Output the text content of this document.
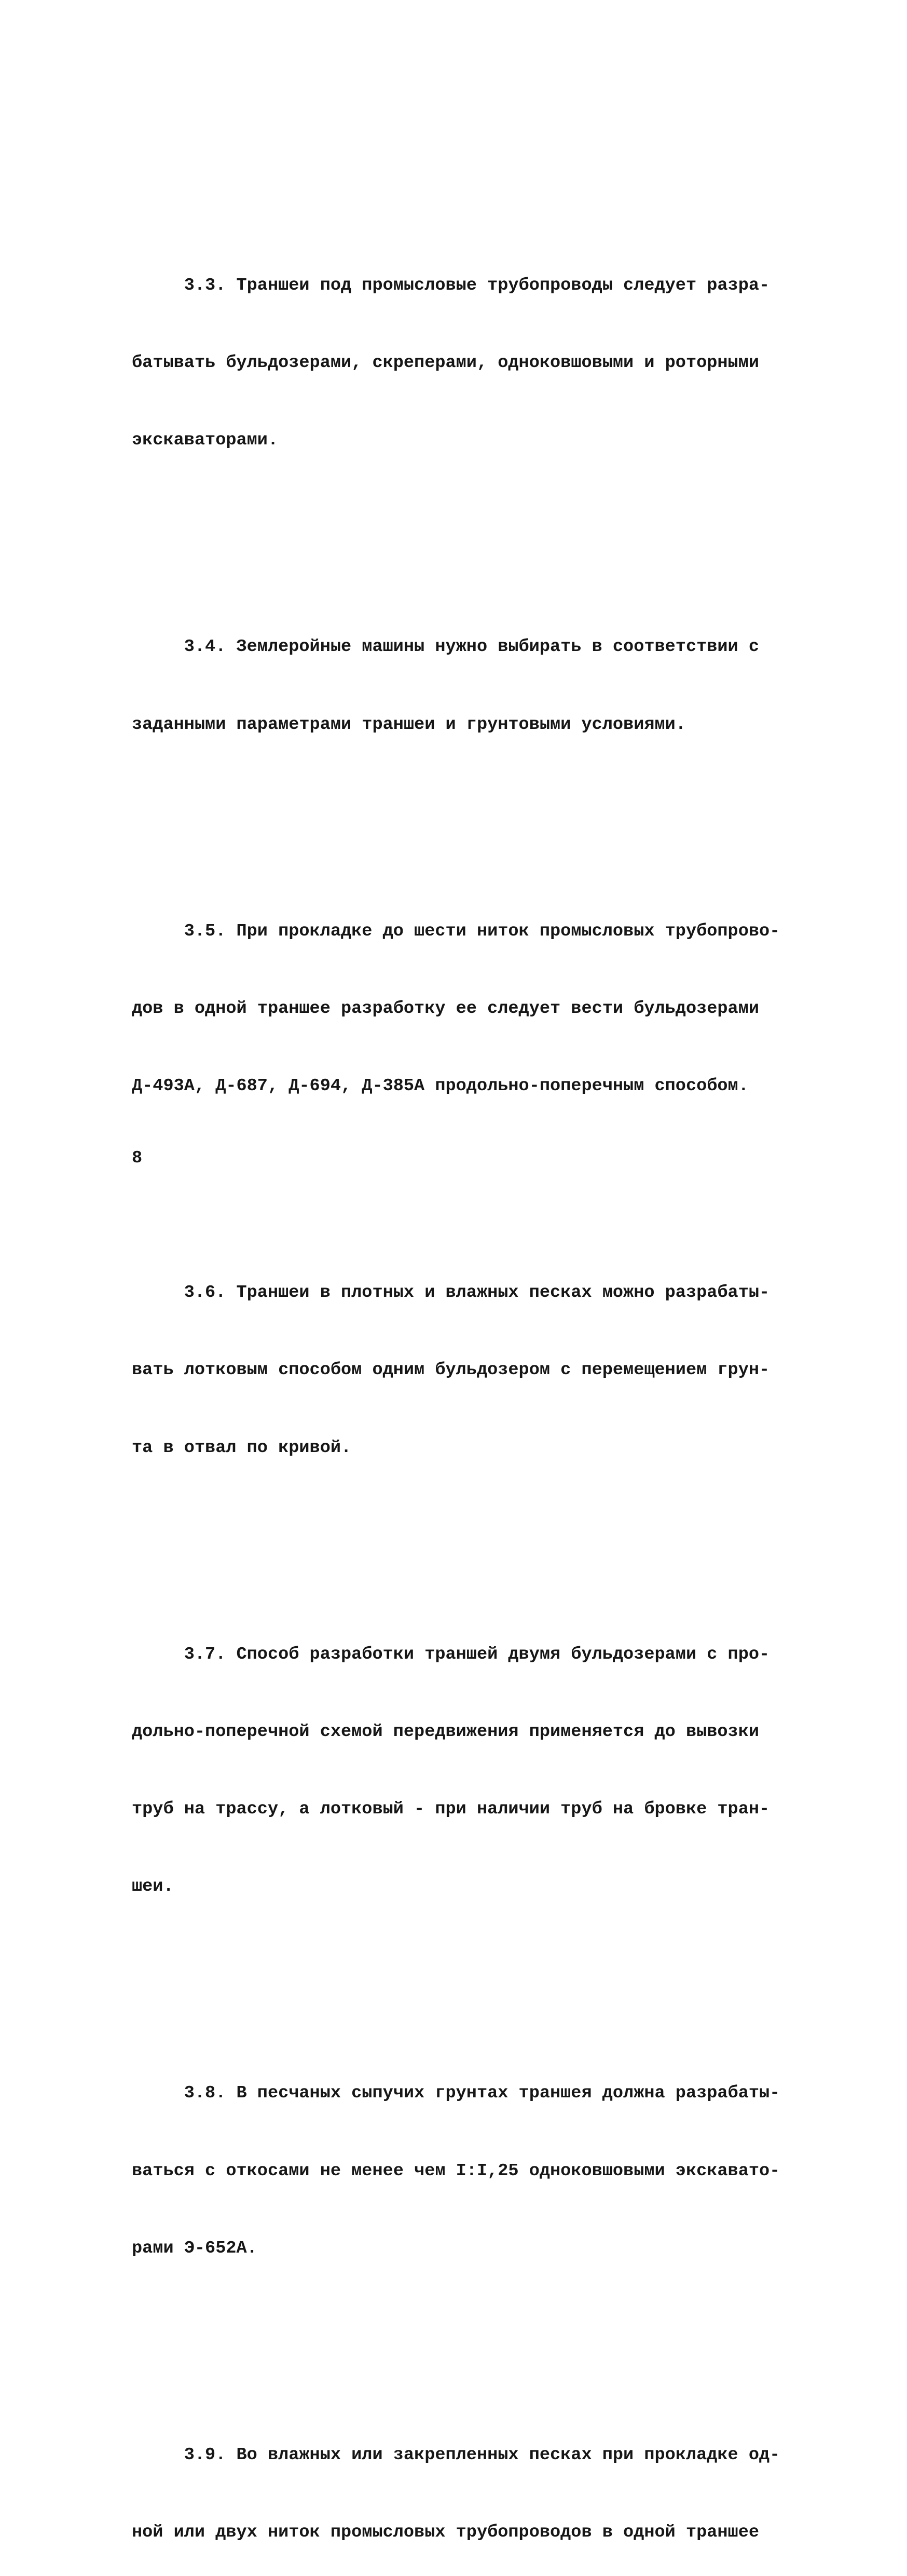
3.3. Траншеи под промысловые трубопроводы следует разра-

батывать бульдозерами, скреперами, одноковшовыми и роторными

экскаваторами.

3.4. Землеройные машины нужно выбирать в соответствии с

заданными параметрами траншеи и грунтовыми условиями.

3.5. При прокладке до шести ниток промысловых трубопрово-

дов в одной траншее разработку ее следует вести бульдозерами

Д-493А, Д-687, Д-694, Д-385А продольно-поперечным способом.

3.6. Траншеи в плотных и влажных песках можно разрабаты-

вать лотковым способом одним бульдозером с перемещением грун-

та в отвал по кривой.

3.7. Способ разработки траншей двумя бульдозерами с про-

дольно-поперечной схемой передвижения применяется до вывозки

труб на трассу, а лотковый - при наличии труб на бровке тран-

шеи.

3.8. В песчаных сыпучих грунтах траншея должна разрабаты-

ваться с откосами не менее чем I:I,25 одноковшовыми экскавато-

рами Э-652А.

3.9. Во влажных или закрепленных песках при прокладке од-

ной или двух ниток промысловых трубопроводов в одной траншее

8
